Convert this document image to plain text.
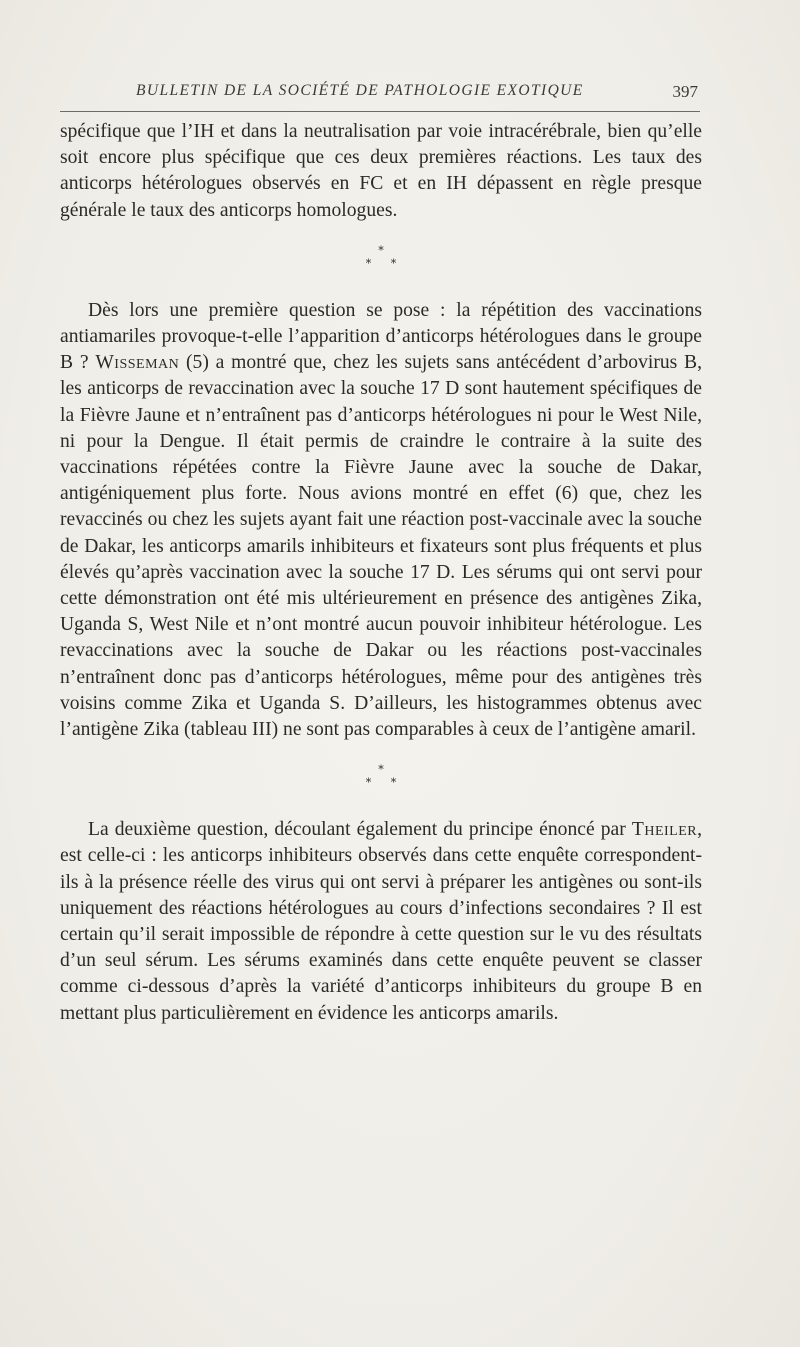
BULLETIN DE LA SOCIÉTÉ DE PATHOLOGIE EXOTIQUE	397

spécifique que l’IH et dans la neutralisation par voie intracérébrale, bien qu’elle soit encore plus spécifique que ces deux premières réactions. Les taux des anticorps hétérologues observés en FC et en IH dépassent en règle presque générale le taux des anticorps homologues.

*
* *

Dès lors une première question se pose : la répétition des vaccinations antiamariles provoque-t-elle l’apparition d’anticorps hétérologues dans le groupe B ? Wisseman (5) a montré que, chez les sujets sans antécédent d’arbovirus B, les anticorps de revaccination avec la souche 17 D sont hautement spécifiques de la Fièvre Jaune et n’entraînent pas d’anticorps hétérologues ni pour le West Nile, ni pour la Dengue. Il était permis de craindre le contraire à la suite des vaccinations répétées contre la Fièvre Jaune avec la souche de Dakar, antigéniquement plus forte. Nous avions montré en effet (6) que, chez les revaccinés ou chez les sujets ayant fait une réaction post-vaccinale avec la souche de Dakar, les anticorps amarils inhibiteurs et fixateurs sont plus fréquents et plus élevés qu’après vaccination avec la souche 17 D. Les sérums qui ont servi pour cette démonstration ont été mis ultérieurement en présence des antigènes Zika, Uganda S, West Nile et n’ont montré aucun pouvoir inhibiteur hétérologue. Les revaccinations avec la souche de Dakar ou les réactions post-vaccinales n’entraînent donc pas d’anticorps hétérologues, même pour des antigènes très voisins comme Zika et Uganda S. D’ailleurs, les histogrammes obtenus avec l’antigène Zika (tableau III) ne sont pas comparables à ceux de l’antigène amaril.

*
* *

La deuxième question, découlant également du principe énoncé par Theiler, est celle-ci : les anticorps inhibiteurs observés dans cette enquête correspondent-ils à la présence réelle des virus qui ont servi à préparer les antigènes ou sont-ils uniquement des réactions hétérologues au cours d’infections secondaires ? Il est certain qu’il serait impossible de répondre à cette question sur le vu des résultats d’un seul sérum. Les sérums examinés dans cette enquête peuvent se classer comme ci-dessous d’après la variété d’anticorps inhibiteurs du groupe B en mettant plus particulièrement en évidence les anticorps amarils.
